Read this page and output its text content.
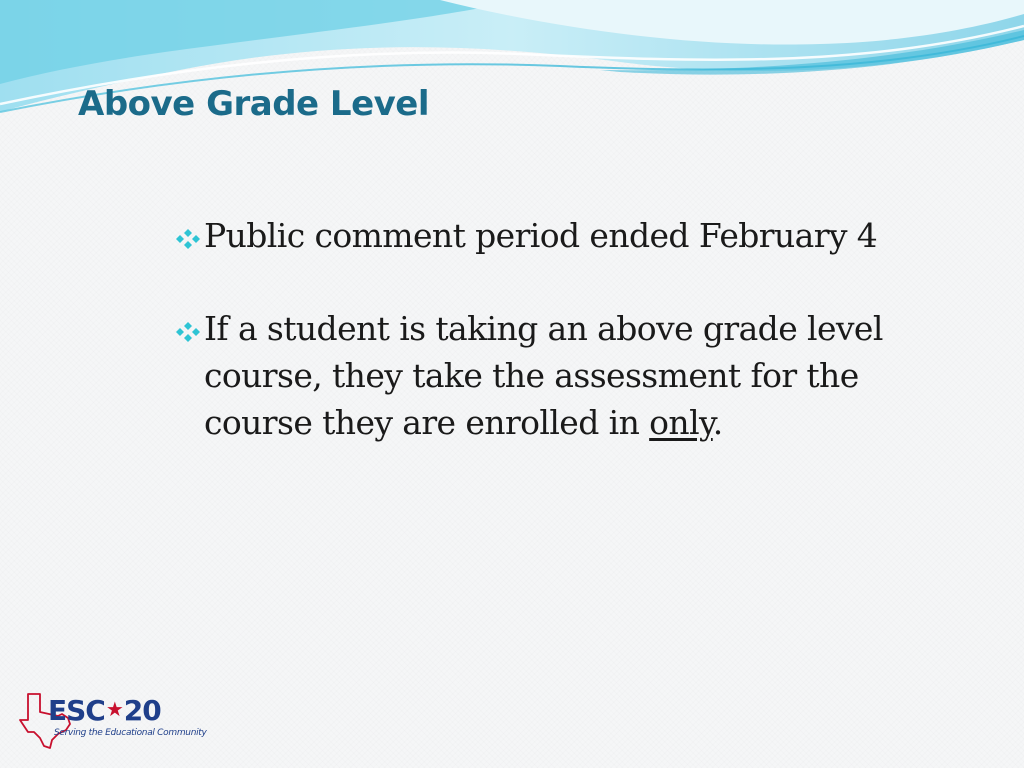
Above Grade Level
Public comment period ended February 4
If a student is taking an above grade level course, they take the assessment for the course they are enrolled in only.
ESC★20
Serving the Educational Community
